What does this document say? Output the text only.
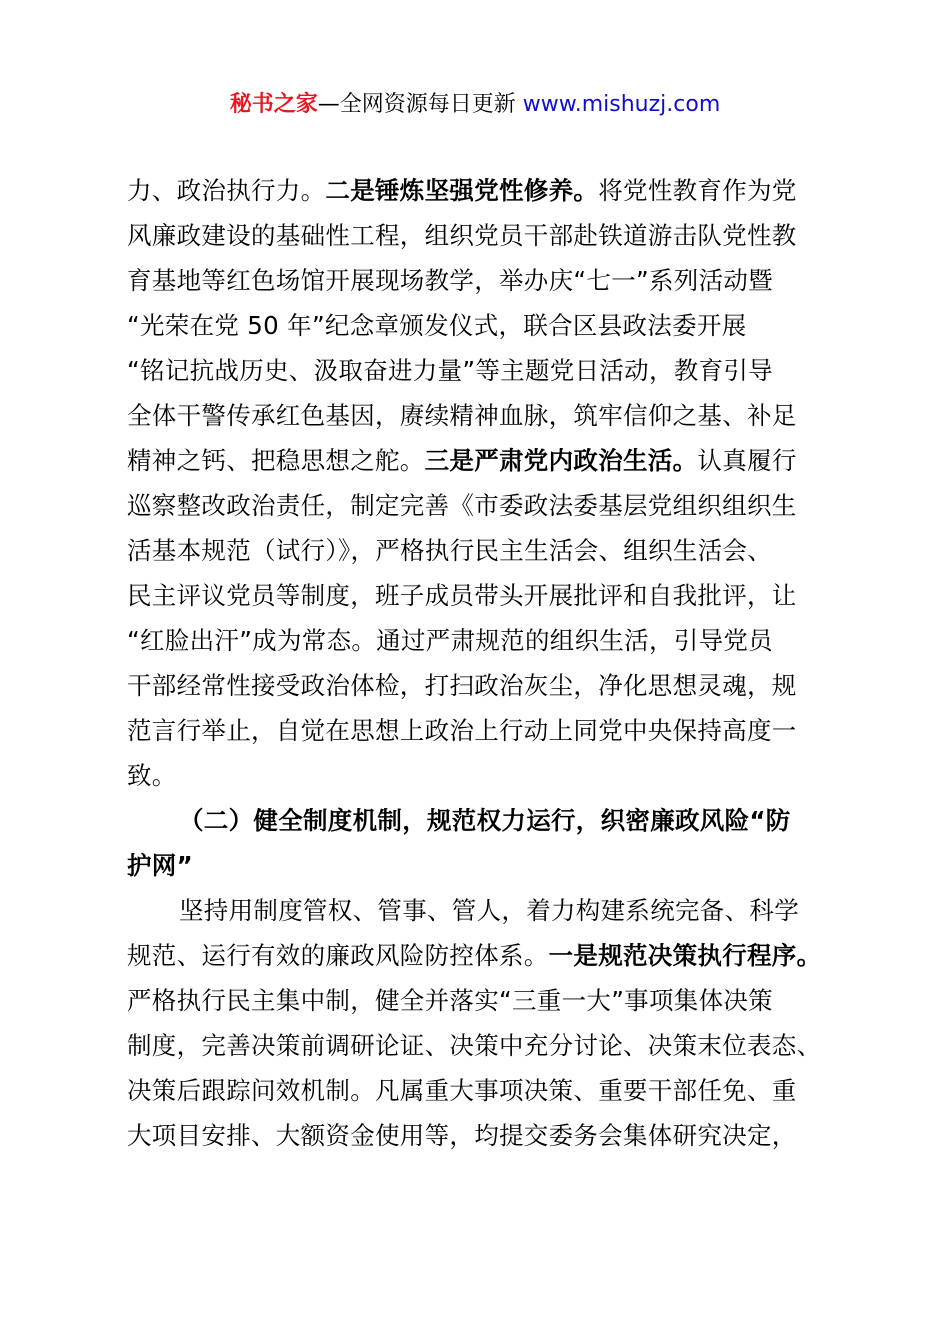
秘书之家—全网资源每日更新 www.mishuzj.com
力、政治执行力。二是锤炼坚强党性修养。将党性教育作为党
风廉政建设的基础性工程，组织党员干部赴铁道游击队党性教
育基地等红色场馆开展现场教学，举办庆“七一”系列活动暨
“光荣在党 50 年”纪念章颁发仪式，联合区县政法委开展
“铭记抗战历史、汲取奋进力量”等主题党日活动，教育引导
全体干警传承红色基因，赓续精神血脉，筑牢信仰之基、补足
精神之钙、把稳思想之舵。三是严肃党内政治生活。认真履行
巡察整改政治责任，制定完善《市委政法委基层党组织组织生
活基本规范（试行）》，严格执行民主生活会、组织生活会、
民主评议党员等制度，班子成员带头开展批评和自我批评，让
“红脸出汗”成为常态。通过严肃规范的组织生活，引导党员
干部经常性接受政治体检，打扫政治灰尘，净化思想灵魂，规
范言行举止，自觉在思想上政治上行动上同党中央保持高度一
致。
（二）健全制度机制，规范权力运行，织密廉政风险“防
护网”
坚持用制度管权、管事、管人，着力构建系统完备、科学
规范、运行有效的廉政风险防控体系。一是规范决策执行程序。
严格执行民主集中制，健全并落实“三重一大”事项集体决策
制度，完善决策前调研论证、决策中充分讨论、决策末位表态、
决策后跟踪问效机制。凡属重大事项决策、重要干部任免、重
大项目安排、大额资金使用等，均提交委务会集体研究决定，
